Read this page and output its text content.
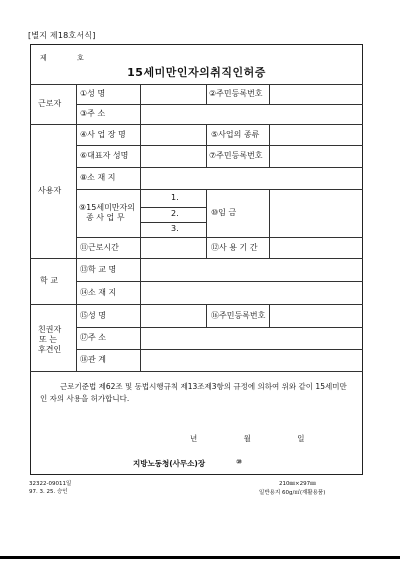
[별지 제18호서식]
제 호
15세미만인자의취직인허증
근로자
①성 명	②주민등록번호
③주 소
사용자
④사 업 장 명	⑤사업의 종류
⑥대표자 성명	⑦주민등록번호
⑧소 재 지
⑨15세미만자의
종 사 업 무
1.
2.
3.
⑩임 금
⑪근로시간	⑫사 용 기 간
학 교
⑬학 교 명
⑭소 재 지
친권자
또 는
후견인
⑮성 명	⑯주민등록번호
⑰주 소
⑱관 계
근로기준법 제62조 및 동법시행규칙 제13조제3항의 규정에 의하여 위와 같이 15세미만 인 자의 사용을 허가합니다.
년 월 일
지방노동청(사무소)장	⑩
32322-09011일
97. 3. 25. 승인
210㎜×297㎜
일반용지 60g/㎡(재활용품)
